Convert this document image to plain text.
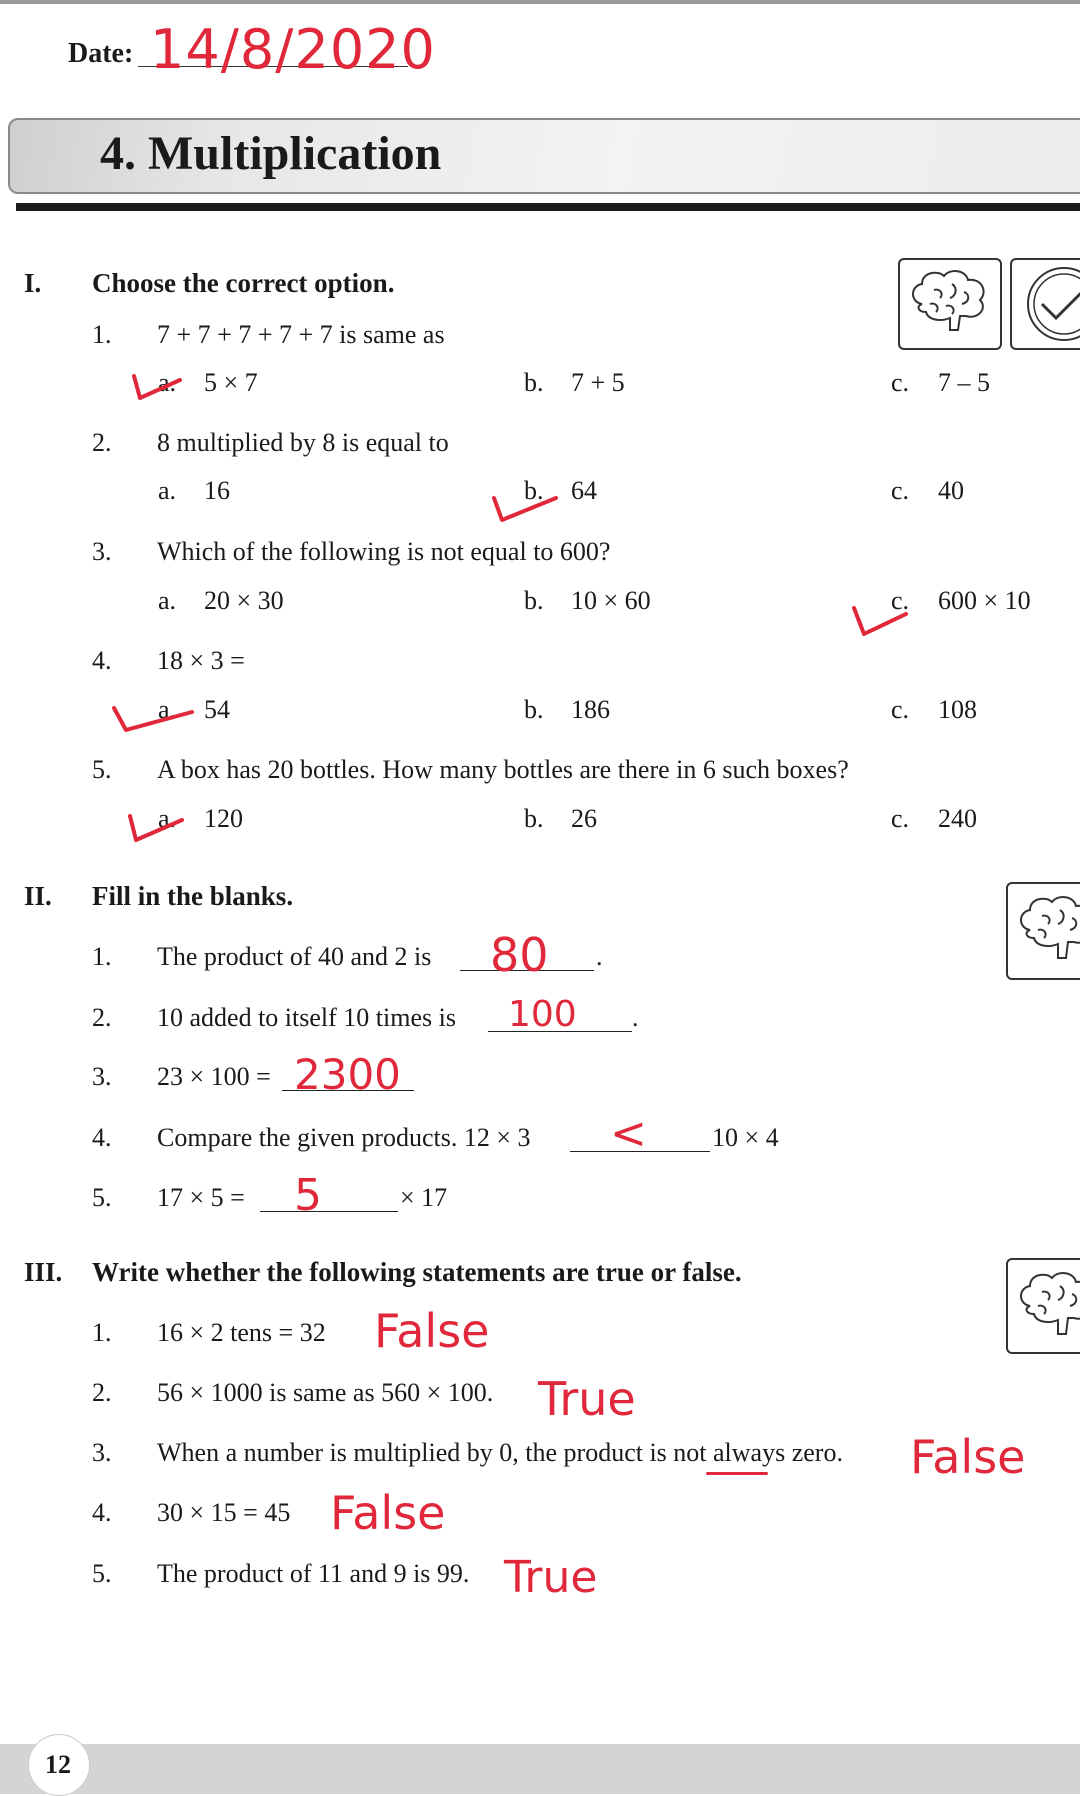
Date: 14/8/2020
4. Multiplication
I. Choose the correct option.
1. 7 + 7 + 7 + 7 + 7 is same as
a. 5 × 7	b. 7 + 5	c. 7 – 5
2. 8 multiplied by 8 is equal to
a. 16	b. 64	c. 40
3. Which of the following is not equal to 600?
a. 20 × 30	b. 10 × 60	c. 600 × 10
4. 18 × 3 =
a. 54	b. 186	c. 108
5. A box has 20 bottles. How many bottles are there in 6 such boxes?
a. 120	b. 26	c. 240
II. Fill in the blanks.
1. The product of 40 and 2 is 80 .
2. 10 added to itself 10 times is 100 .
3. 23 × 100 = 2300
4. Compare the given products. 12 × 3 <	10 × 4
5. 17 × 5 = 5	× 17
III. Write whether the following statements are true or false.
1. 16 × 2 tens = 32 False
2. 56 × 1000 is same as 560 × 100. True
3. When a number is multiplied by 0, the product is not always zero. False
4. 30 × 15 = 45 False
5. The product of 11 and 9 is 99. True
12
